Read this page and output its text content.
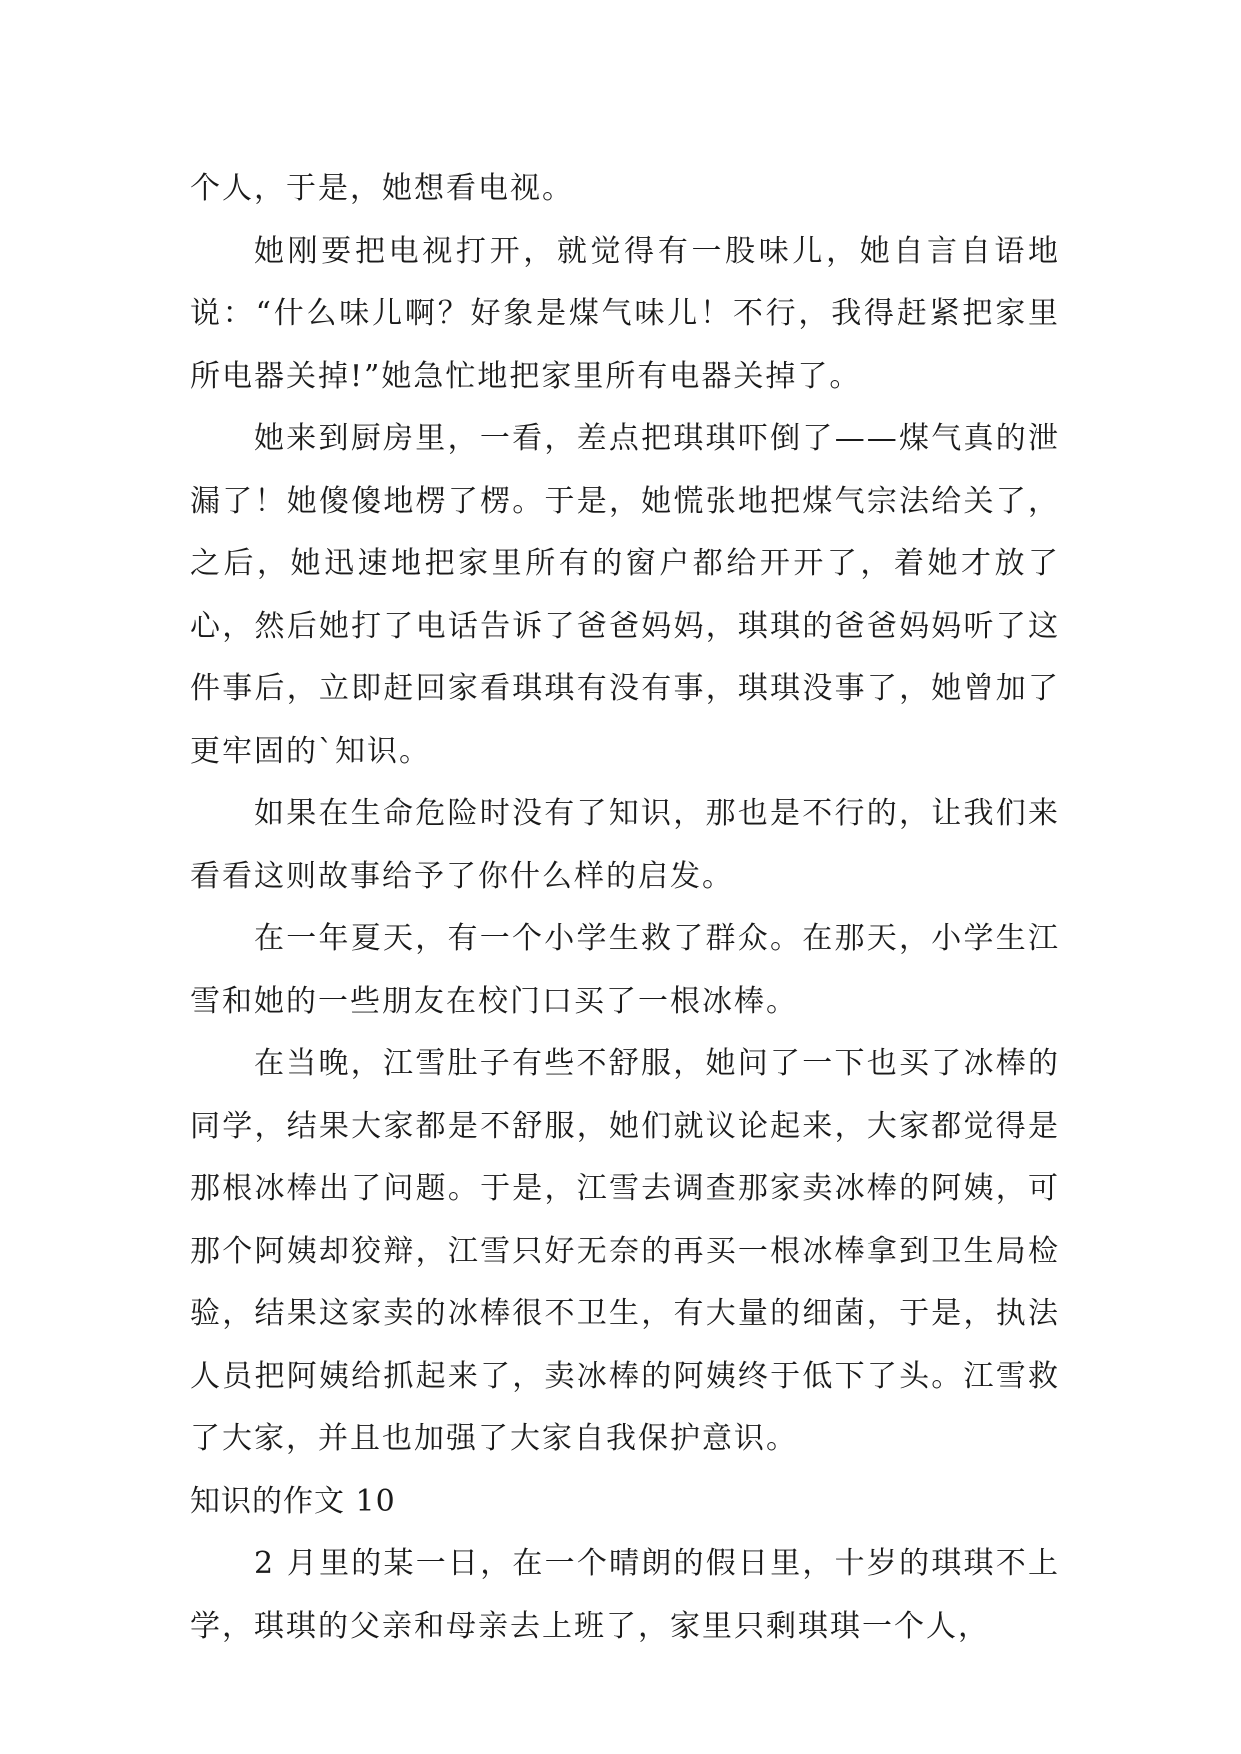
个人，于是，她想看电视。

她刚要把电视打开，就觉得有一股味儿，她自言自语地说：“什么味儿啊？好象是煤气味儿！不行，我得赶紧把家里所电器关掉!”她急忙地把家里所有电器关掉了。

她来到厨房里，一看，差点把琪琪吓倒了——煤气真的泄漏了！她傻傻地楞了楞。于是，她慌张地把煤气宗法给关了，之后，她迅速地把家里所有的窗户都给开开了，着她才放了心，然后她打了电话告诉了爸爸妈妈，琪琪的爸爸妈妈听了这件事后，立即赶回家看琪琪有没有事，琪琪没事了，她曾加了更牢固的`知识。

如果在生命危险时没有了知识，那也是不行的，让我们来看看这则故事给予了你什么样的启发。

在一年夏天，有一个小学生救了群众。在那天，小学生江雪和她的一些朋友在校门口买了一根冰棒。

在当晚，江雪肚子有些不舒服，她问了一下也买了冰棒的同学，结果大家都是不舒服，她们就议论起来，大家都觉得是那根冰棒出了问题。于是，江雪去调查那家卖冰棒的阿姨，可那个阿姨却狡辩，江雪只好无奈的再买一根冰棒拿到卫生局检验，结果这家卖的冰棒很不卫生，有大量的细菌，于是，执法人员把阿姨给抓起来了，卖冰棒的阿姨终于低下了头。江雪救了大家，并且也加强了大家自我保护意识。

知识的作文 10

2 月里的某一日，在一个晴朗的假日里，十岁的琪琪不上学，琪琪的父亲和母亲去上班了，家里只剩琪琪一个人，
